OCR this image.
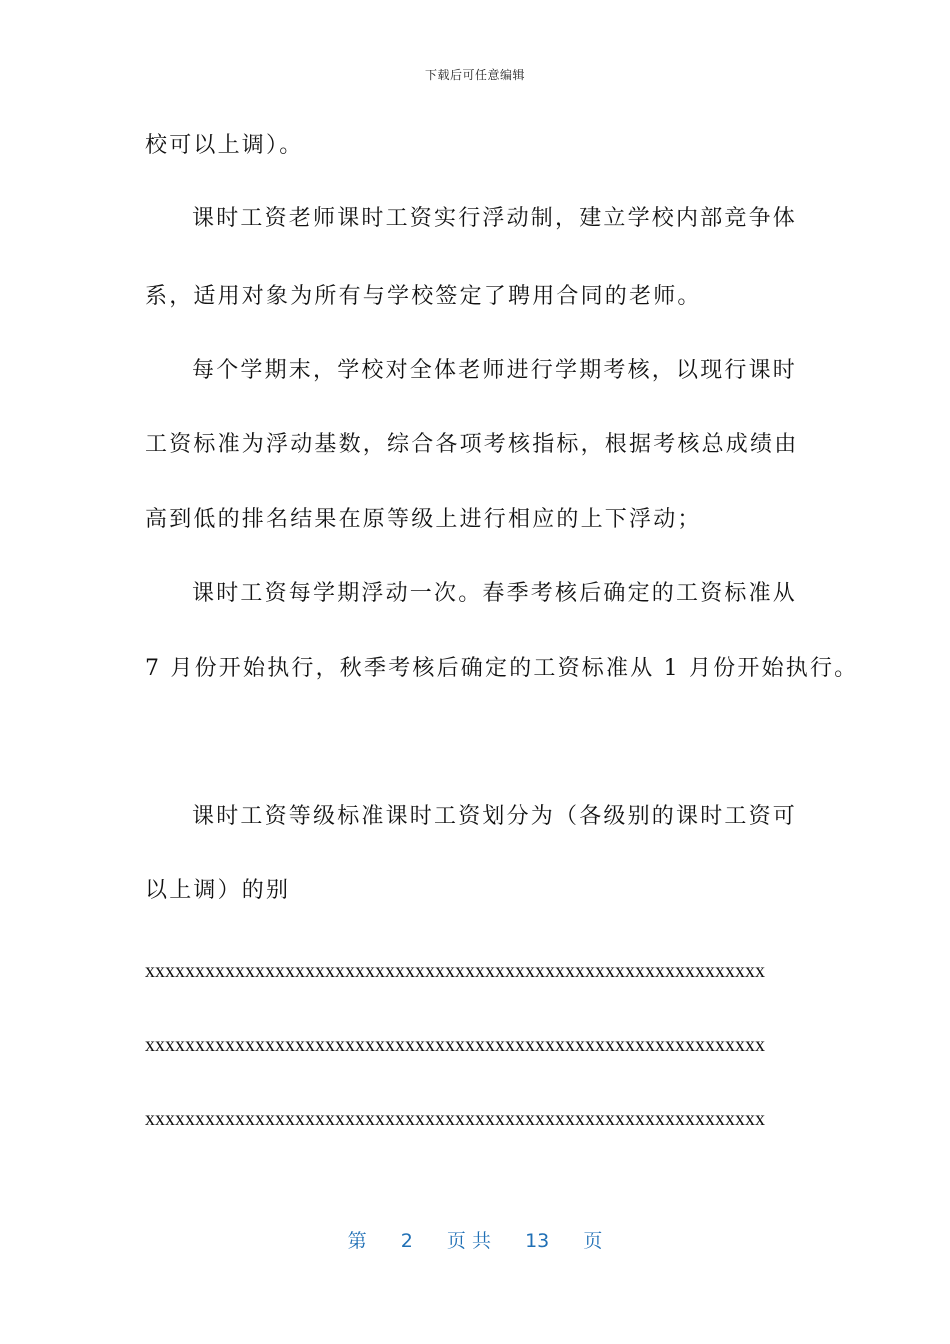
下载后可任意编辑
校可以上调）。
课时工资老师课时工资实行浮动制，建立学校内部竞争体
系，适用对象为所有与学校签定了聘用合同的老师。
每个学期末，学校对全体老师进行学期考核，以现行课时
工资标准为浮动基数，综合各项考核指标，根据考核总成绩由
高到低的排名结果在原等级上进行相应的上下浮动；
课时工资每学期浮动一次。春季考核后确定的工资标准从
7 月份开始执行，秋季考核后确定的工资标准从 1 月份开始执行。
课时工资等级标准课时工资划分为（各级别的课时工资可
以上调）的别
xxxxxxxxxxxxxxxxxxxxxxxxxxxxxxxxxxxxxxxxxxxxxxxxxxxxxxxxxxxxxx
xxxxxxxxxxxxxxxxxxxxxxxxxxxxxxxxxxxxxxxxxxxxxxxxxxxxxxxxxxxxxx
xxxxxxxxxxxxxxxxxxxxxxxxxxxxxxxxxxxxxxxxxxxxxxxxxxxxxxxxxxxxxx
第 2 页 共 13 页
